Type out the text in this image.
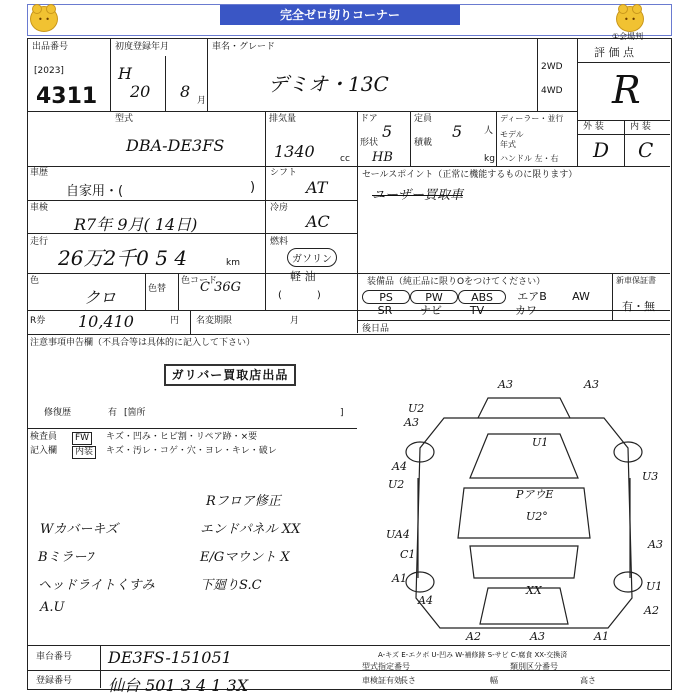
• •	完全ゼロ切りコーナー	• •
出品番号
[2023]
4311
初度登録年月
H
20 8 月
車名・グレード
デミオ・13C
2WD
4WD
評 価 点
R
外 装	内 装
D C
型式
DBA-DE3FS
排気量
1340	cc
ドア
5
形状
HB
定員
5 人
積載
kg
ディーラー・並行
モデル年式
ハンドル 左・右
車歴
自家用・(	)
車検
R7年 9月( 14日)
走行
26万2千0 5 4	km
色
クロ	色替
色コード
C 36G
R券 10,410	円 名変期限	月
シフト
AT
冷房
AC
燃料
ガソリン
軽 油
(           )
セールスポイント（正常に機能するものに限ります）
ユーザー買取車
装備品（純正品に限りOをつけてください）	新車保証書
有・無
PS	PW	ABS	エアB	AW
SR	ナビ	TV	カワ
後日品
注意事項申告欄（不具合等は具体的に記入して下さい）
ガリバー買取店出品
修復歴	有 [箇所	]
検査員
記入欄
FW	キズ・凹み・ヒビ割・リペア跡・×要
内装	キズ・汚レ・コゲ・穴・ヨレ・キレ・破レ
Wカバーキズ
Bミラーﾌ
ヘッドライトくすみ
A.U
Rフロア修正
エンドパネル XX
E/Gマウント X
下廻りS.C
①会場判
A3	A3
U2
A3
U1
A4
U2
U3
UA4
A3
C1
A1
A4
U1
A2
A2	A3	A1
XX
PアウE
U2°
A-キズ E-エクボ U-凹み W-補修跡 S-サビ C-腐食 XX-交換済
車台番号 DE3FS-151051
登録番号 仙台 501 3 4 1 3X
型式指定番号	類別区分番号
車検証有効
長さ	幅	高さ
